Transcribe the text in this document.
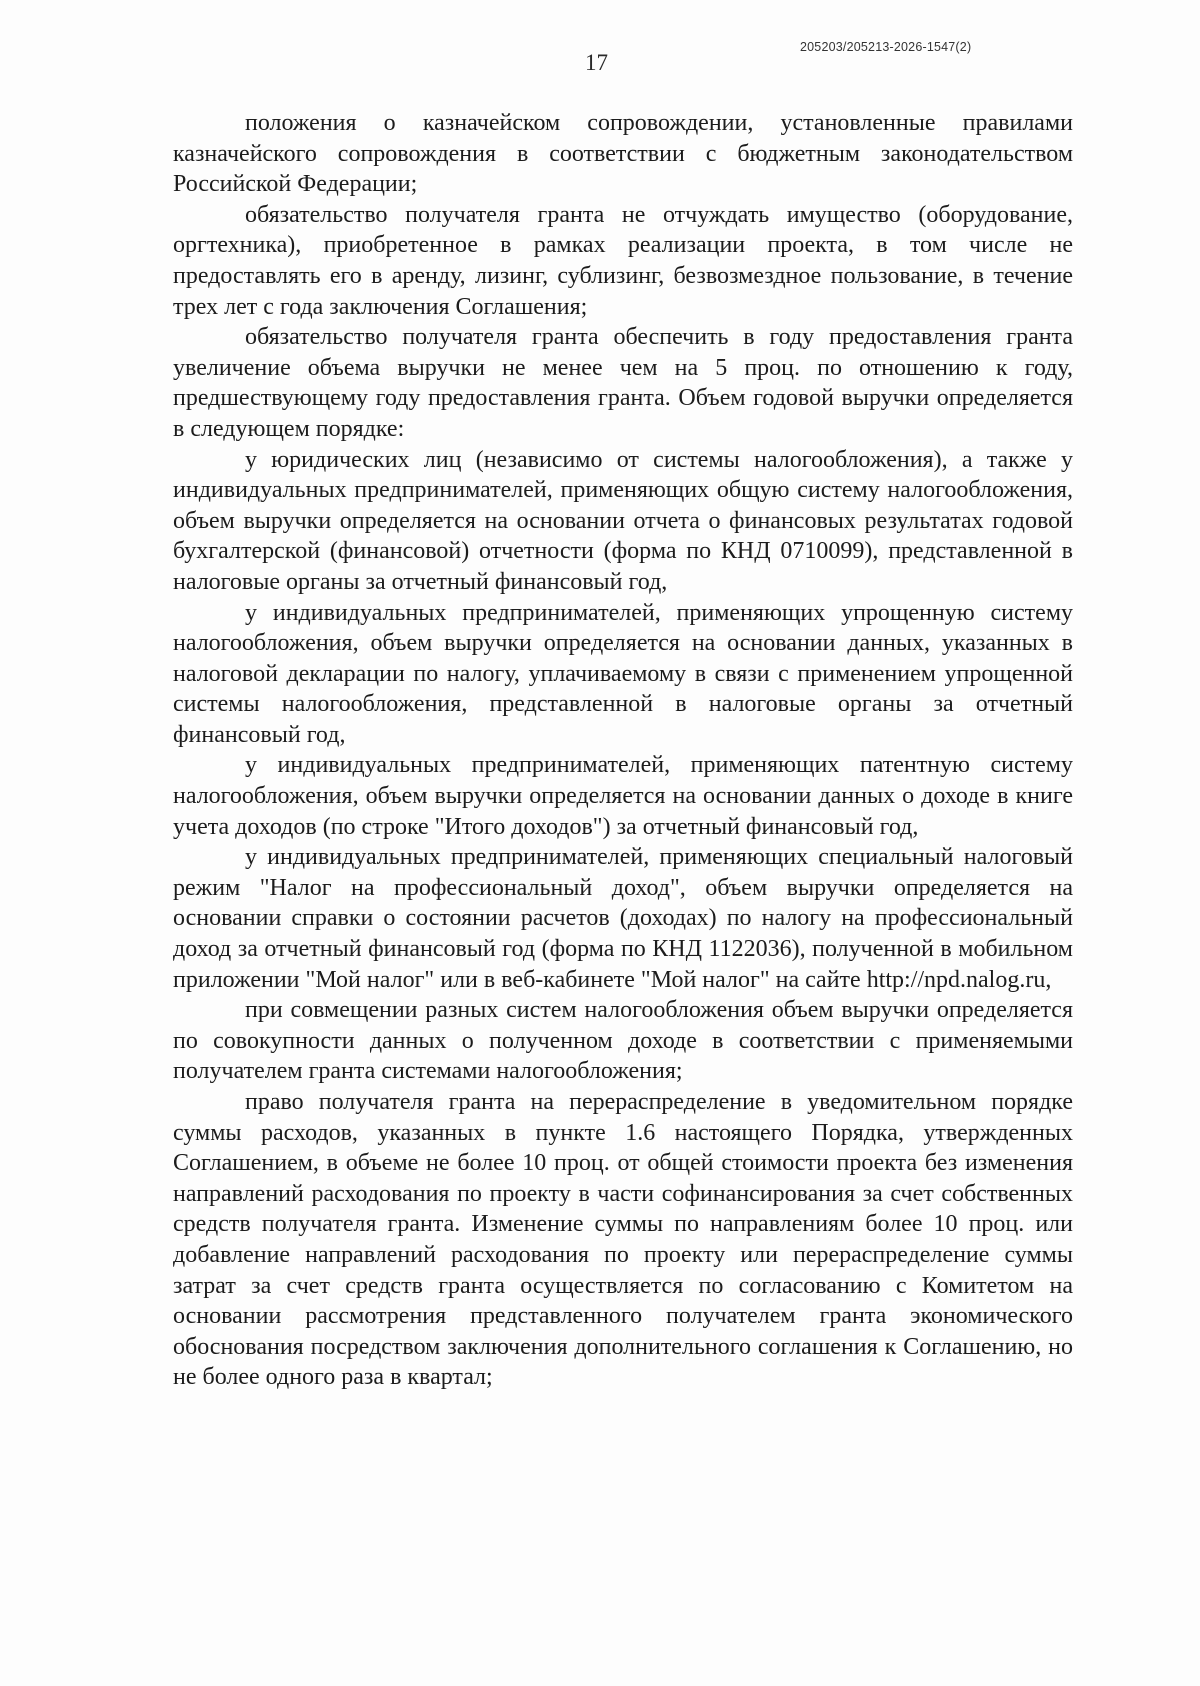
17
205203/205213-2026-1547(2)

положения о казначейском сопровождении, установленные правилами казначейского сопровождения в соответствии с бюджетным законодательством Российской Федерации;

обязательство получателя гранта не отчуждать имущество (оборудование, оргтехника), приобретенное в рамках реализации проекта, в том числе не предоставлять его в аренду, лизинг, сублизинг, безвозмездное пользование, в течение трех лет с года заключения Соглашения;

обязательство получателя гранта обеспечить в году предоставления гранта увеличение объема выручки не менее чем на 5 проц. по отношению к году, предшествующему году предоставления гранта. Объем годовой выручки определяется в следующем порядке:

у юридических лиц (независимо от системы налогообложения), а также у индивидуальных предпринимателей, применяющих общую систему налогообложения, объем выручки определяется на основании отчета о финансовых результатах годовой бухгалтерской (финансовой) отчетности (форма по КНД 0710099), представленной в налоговые органы за отчетный финансовый год,

у индивидуальных предпринимателей, применяющих упрощенную систему налогообложения, объем выручки определяется на основании данных, указанных в налоговой декларации по налогу, уплачиваемому в связи с применением упрощенной системы налогообложения, представленной в налоговые органы за отчетный финансовый год,

у индивидуальных предпринимателей, применяющих патентную систему налогообложения, объем выручки определяется на основании данных о доходе в книге учета доходов (по строке "Итого доходов") за отчетный финансовый год,

у индивидуальных предпринимателей, применяющих специальный налоговый режим "Налог на профессиональный доход", объем выручки определяется на основании справки о состоянии расчетов (доходах) по налогу на профессиональный доход за отчетный финансовый год (форма по КНД 1122036), полученной в мобильном приложении "Мой налог" или в веб-кабинете "Мой налог" на сайте http://npd.nalog.ru,

при совмещении разных систем налогообложения объем выручки определяется по совокупности данных о полученном доходе в соответствии с применяемыми получателем гранта системами налогообложения;

право получателя гранта на перераспределение в уведомительном порядке суммы расходов, указанных в пункте 1.6 настоящего Порядка, утвержденных Соглашением, в объеме не более 10 проц. от общей стоимости проекта без изменения направлений расходования по проекту в части софинансирования за счет собственных средств получателя гранта. Изменение суммы по направлениям более 10 проц. или добавление направлений расходования по проекту или перераспределение суммы затрат за счет средств гранта осуществляется по согласованию с Комитетом на основании рассмотрения представленного получателем гранта экономического обоснования посредством заключения дополнительного соглашения к Соглашению, но не более одного раза в квартал;
